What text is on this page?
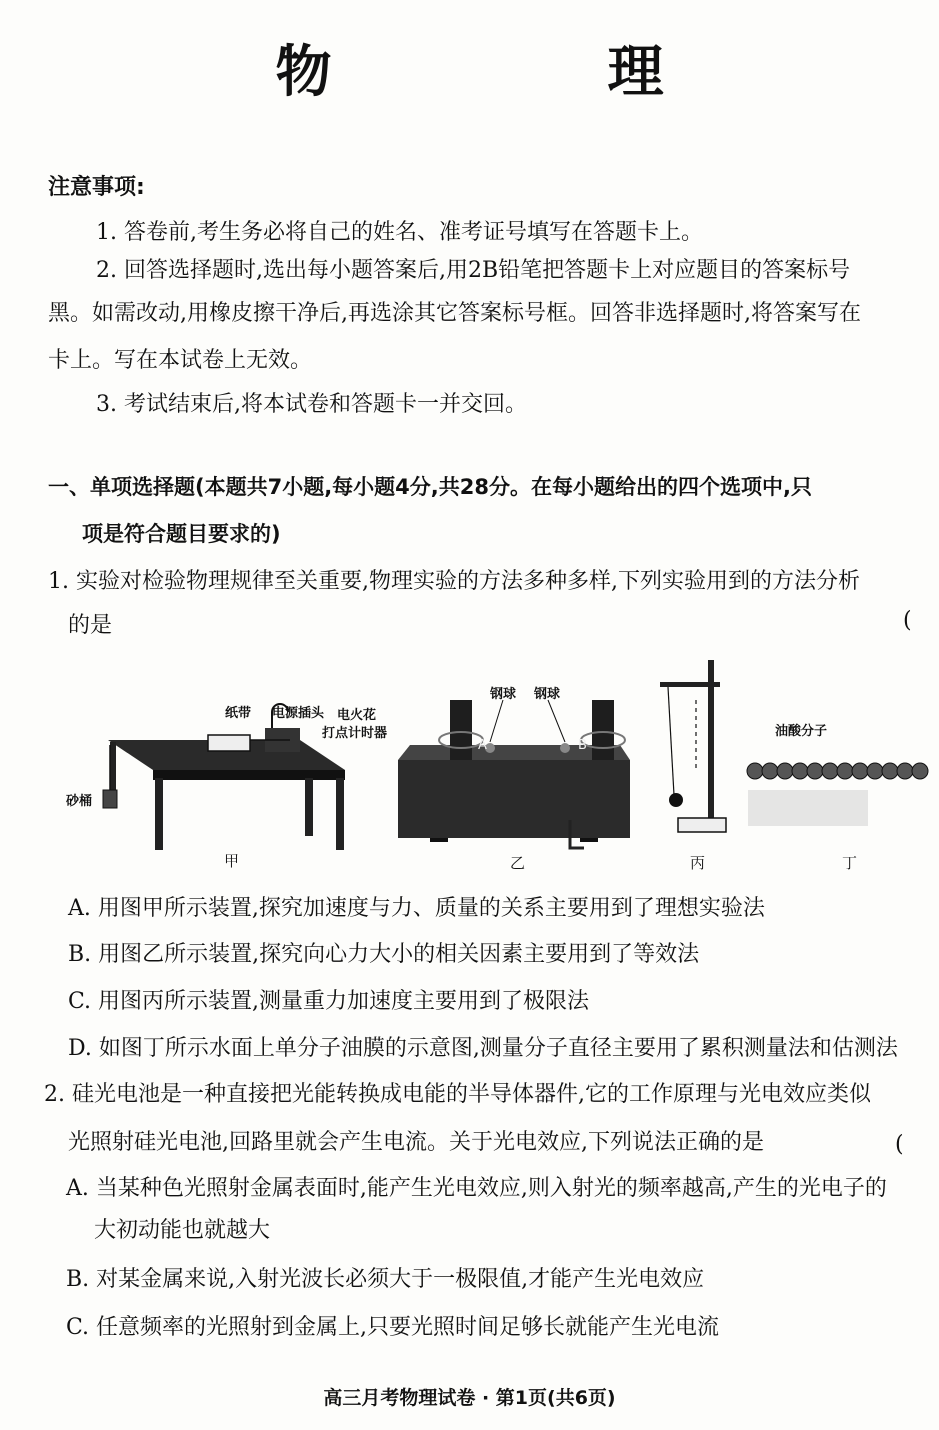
物　理
注意事项:
1. 答卷前,考生务必将自己的姓名、准考证号填写在答题卡上。
2. 回答选择题时,选出每小题答案后,用2B铅笔把答题卡上对应题目的答案标号
黑。如需改动,用橡皮擦干净后,再选涂其它答案标号框。回答非选择题时,将答案写在
卡上。写在本试卷上无效。
3. 考试结束后,将本试卷和答题卡一并交回。
一、单项选择题(本题共7小题,每小题4分,共28分。在每小题给出的四个选项中,只
项是符合题目要求的)
1. 实验对检验物理规律至关重要,物理实验的方法多种多样,下列实验用到的方法分析
的是	(
纸带 电源插头 电火花
打点计时器
砂桶
钢球 钢球
A	B
油酸分子
甲	乙	丙	丁
A. 用图甲所示装置,探究加速度与力、质量的关系主要用到了理想实验法
B. 用图乙所示装置,探究向心力大小的相关因素主要用到了等效法
C. 用图丙所示装置,测量重力加速度主要用到了极限法
D. 如图丁所示水面上单分子油膜的示意图,测量分子直径主要用了累积测量法和估测法
2. 硅光电池是一种直接把光能转换成电能的半导体器件,它的工作原理与光电效应类似
光照射硅光电池,回路里就会产生电流。关于光电效应,下列说法正确的是	(
A. 当某种色光照射金属表面时,能产生光电效应,则入射光的频率越高,产生的光电子的
大初动能也就越大
B. 对某金属来说,入射光波长必须大于一极限值,才能产生光电效应
C. 任意频率的光照射到金属上,只要光照时间足够长就能产生光电流
高三月考物理试卷 · 第1页(共6页)
